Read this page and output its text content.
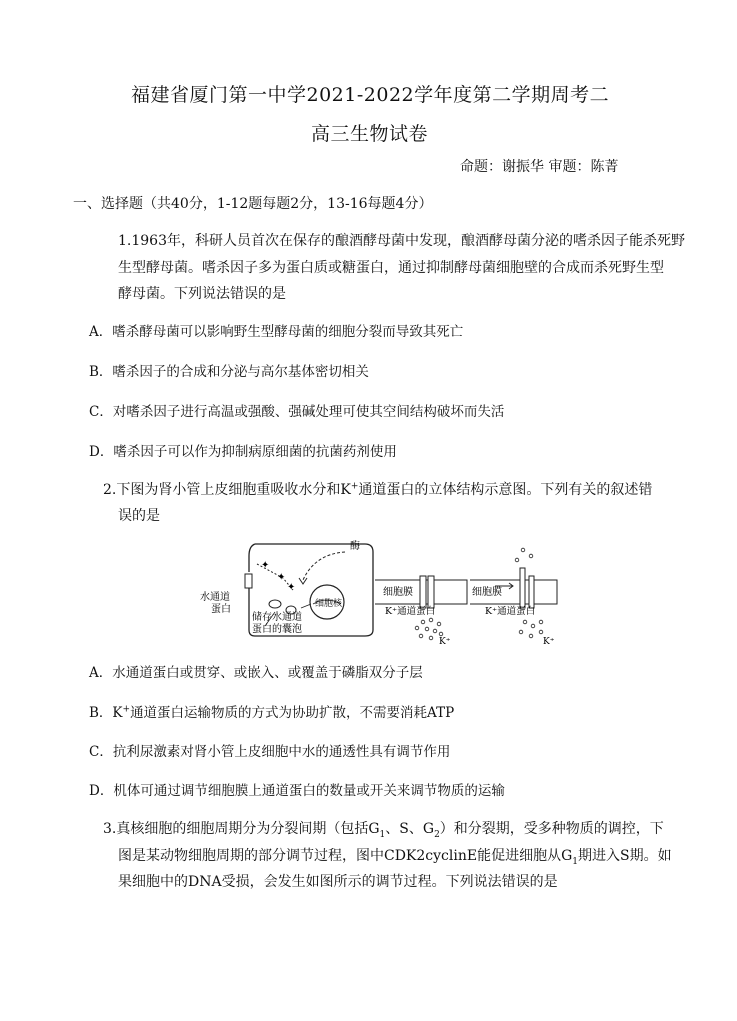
福建省厦门第一中学2021-2022学年度第二学期周考二
高三生物试卷
命题：谢振华 审题：陈菁
一、选择题（共40分，1-12题每题2分，13-16每题4分）
1.1963年，科研人员首次在保存的酿酒酵母菌中发现，酿酒酵母菌分泌的嗜杀因子能杀死野
生型酵母菌。嗜杀因子多为蛋白质或糖蛋白，通过抑制酵母菌细胞壁的合成而杀死野生型
酵母菌。下列说法错误的是
A．嗜杀酵母菌可以影响野生型酵母菌的细胞分裂而导致其死亡
B．嗜杀因子的合成和分泌与高尔基体密切相关
C．对嗜杀因子进行高温或强酸、强碱处理可使其空间结构破坏而失活
D．嗜杀因子可以作为抑制病原细菌的抗菌药剂使用
2.下图为肾小管上皮细胞重吸收水分和K+通道蛋白的立体结构示意图。下列有关的叙述错
误的是
✦
✦
✦
酶
水通道
蛋白
储存水通道
蛋白的囊泡
细胞核
细胞膜
K⁺通道蛋白
K⁺
细胞膜
K⁺通道蛋白
K⁺
A．水通道蛋白或贯穿、或嵌入、或覆盖于磷脂双分子层
B．K+通道蛋白运输物质的方式为协助扩散，不需要消耗ATP
C．抗利尿激素对肾小管上皮细胞中水的通透性具有调节作用
D．机体可通过调节细胞膜上通道蛋白的数量或开关来调节物质的运输
3.真核细胞的细胞周期分为分裂间期（包括$G_1$、S、$G_2$）和分裂期，受多种物质的调控，下
图是某动物细胞周期的部分调节过程，图中CDK2cyclinE能促进细胞从$G_1$期进入S期。如
果细胞中的DNA受损，会发生如图所示的调节过程。下列说法错误的是
